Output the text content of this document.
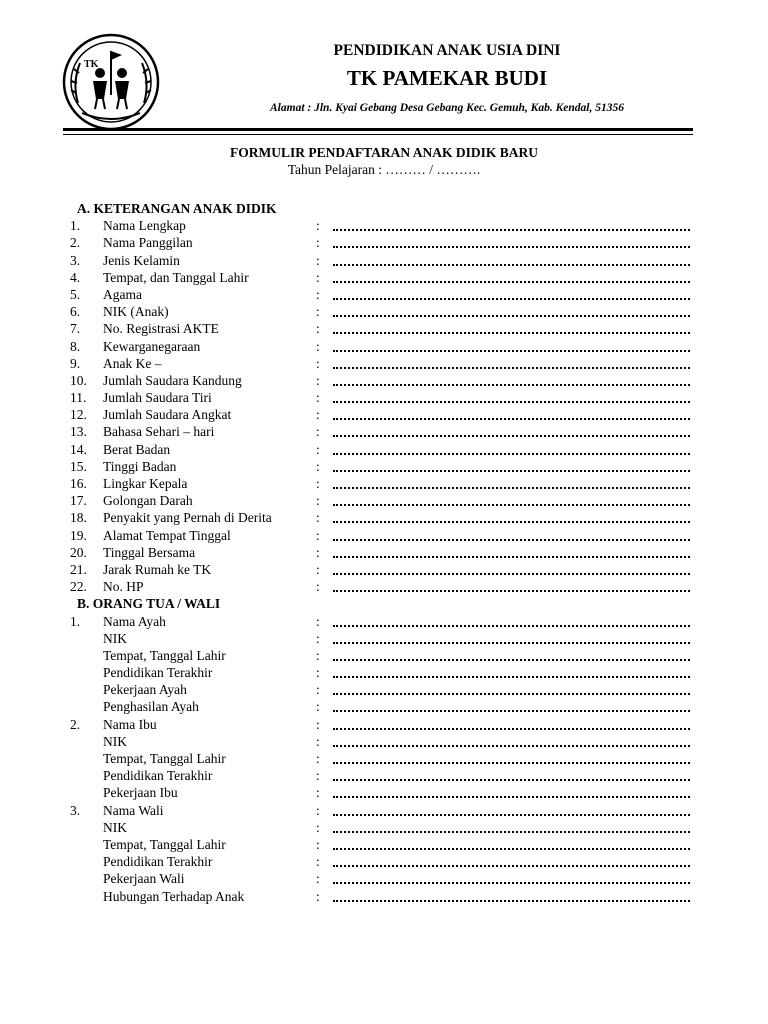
TK
PENDIDIKAN ANAK USIA DINI
TK PAMEKAR BUDI
Alamat : Jln. Kyai Gebang Desa Gebang Kec. Gemuh, Kab. Kendal, 51356
FORMULIR PENDAFTARAN ANAK DIDIK BARU
Tahun Pelajaran : ……… / ……….
A. KETERANGAN ANAK DIDIK
1. Nama Lengkap	:
2. Nama Panggilan	:
3. Jenis Kelamin	:
4. Tempat, dan Tanggal Lahir	:
5. Agama	:
6. NIK (Anak)	:
7. No. Registrasi AKTE	:
8. Kewarganegaraan	:
9. Anak Ke –	:
10. Jumlah Saudara Kandung	:
11. Jumlah Saudara Tiri	:
12. Jumlah Saudara Angkat	:
13. Bahasa Sehari – hari	:
14. Berat Badan	:
15. Tinggi Badan	:
16. Lingkar Kepala	:
17. Golongan Darah	:
18. Penyakit yang Pernah di Derita	:
19. Alamat Tempat Tinggal	:
20. Tinggal Bersama	:
21. Jarak Rumah ke TK	:
22. No. HP	:
B. ORANG TUA / WALI
1. Nama Ayah	:
NIK	:
Tempat, Tanggal Lahir	:
Pendidikan Terakhir	:
Pekerjaan Ayah	:
Penghasilan Ayah	:
2. Nama Ibu	:
NIK	:
Tempat, Tanggal Lahir	:
Pendidikan Terakhir	:
Pekerjaan Ibu	:
3. Nama Wali	:
NIK	:
Tempat, Tanggal Lahir	:
Pendidikan Terakhir	:
Pekerjaan Wali	:
Hubungan Terhadap Anak	:
